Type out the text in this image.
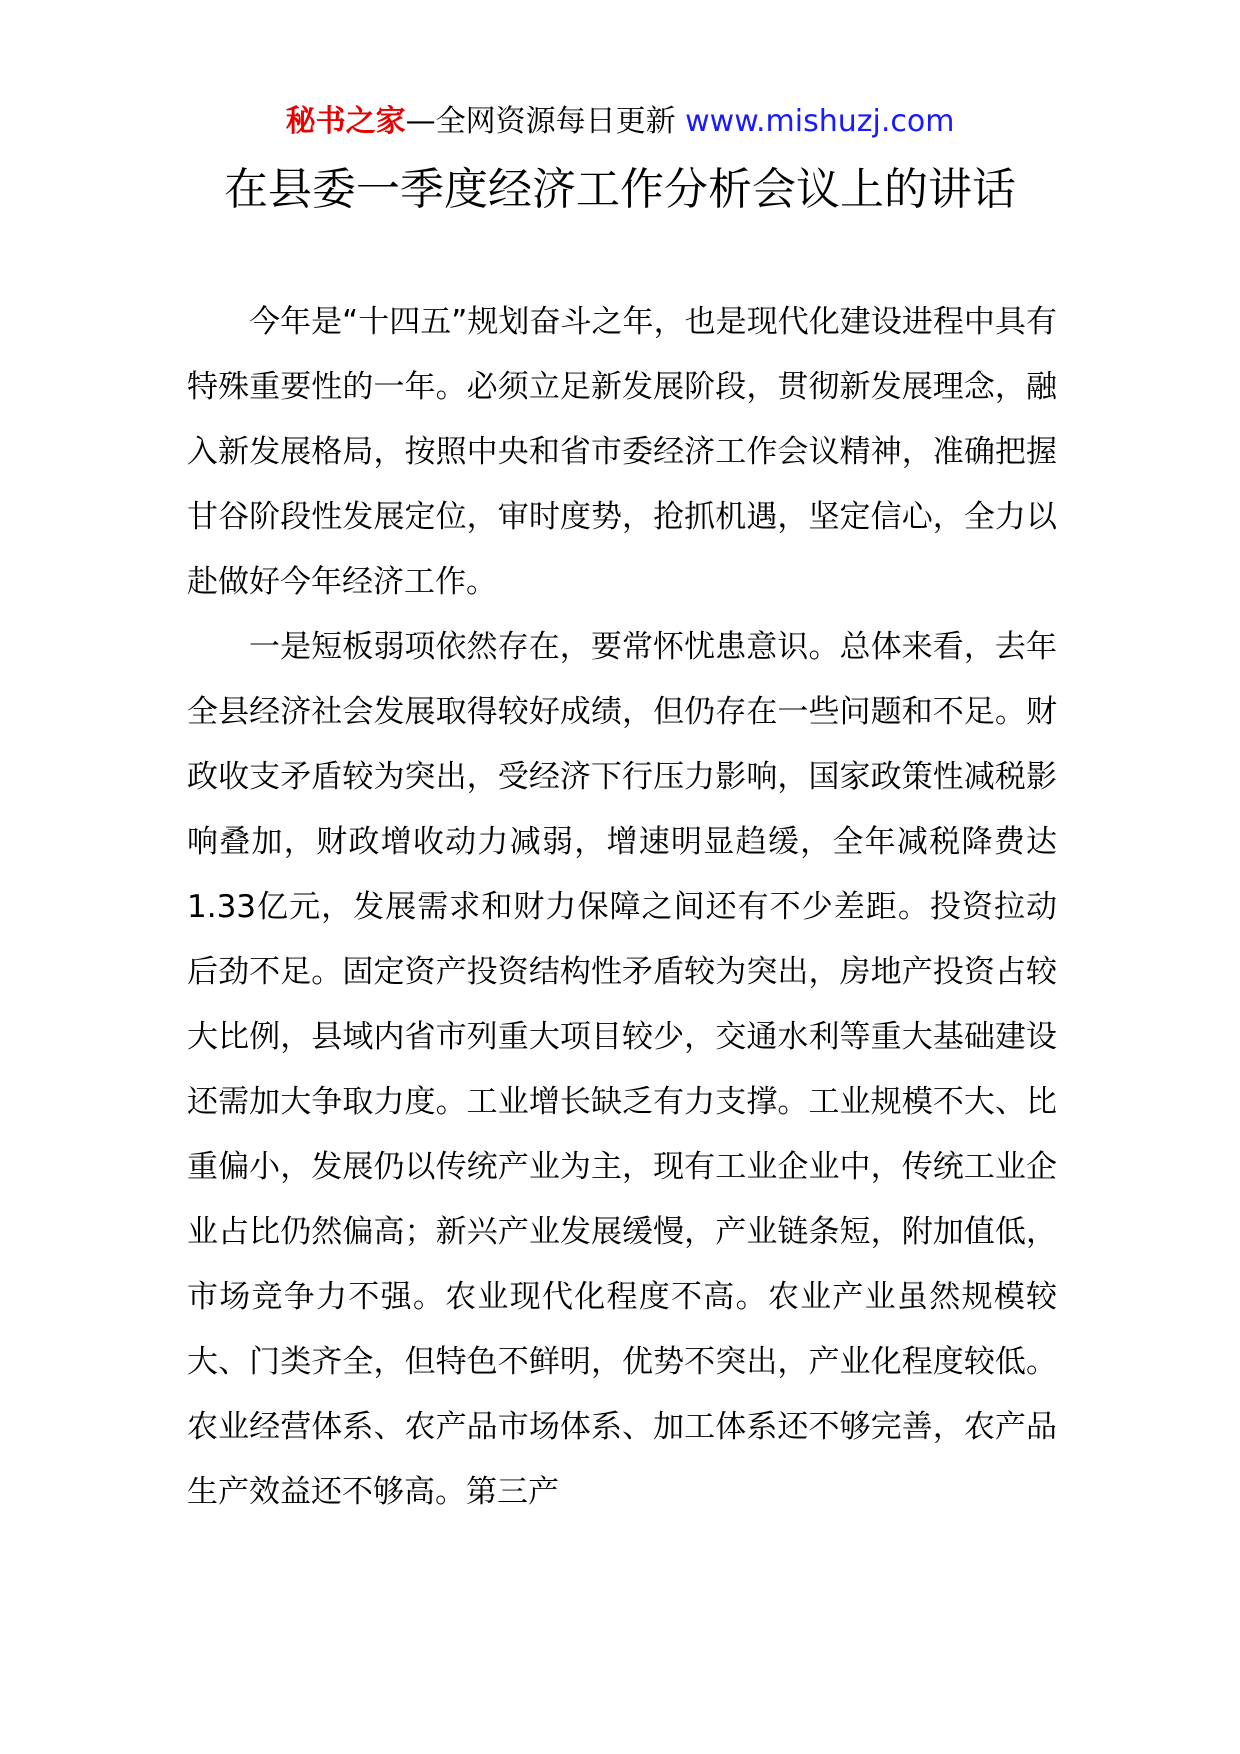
秘书之家—全网资源每日更新 www.mishuzj.com
在县委一季度经济工作分析会议上的讲话

今年是“十四五”规划奋斗之年，也是现代化建设进程中具有特殊重要性的一年。必须立足新发展阶段，贯彻新发展理念，融入新发展格局，按照中央和省市委经济工作会议精神，准确把握甘谷阶段性发展定位，审时度势，抢抓机遇，坚定信心，全力以赴做好今年经济工作。

一是短板弱项依然存在，要常怀忧患意识。总体来看，去年全县经济社会发展取得较好成绩，但仍存在一些问题和不足。财政收支矛盾较为突出，受经济下行压力影响，国家政策性减税影响叠加，财政增收动力减弱，增速明显趋缓，全年减税降费达1.33亿元，发展需求和财力保障之间还有不少差距。投资拉动后劲不足。固定资产投资结构性矛盾较为突出，房地产投资占较大比例，县域内省市列重大项目较少，交通水利等重大基础建设还需加大争取力度。工业增长缺乏有力支撑。工业规模不大、比重偏小，发展仍以传统产业为主，现有工业企业中，传统工业企业占比仍然偏高；新兴产业发展缓慢，产业链条短，附加值低，市场竞争力不强。农业现代化程度不高。农业产业虽然规模较大、门类齐全，但特色不鲜明，优势不突出，产业化程度较低。农业经营体系、农产品市场体系、加工体系还不够完善，农产品生产效益还不够高。第三产
